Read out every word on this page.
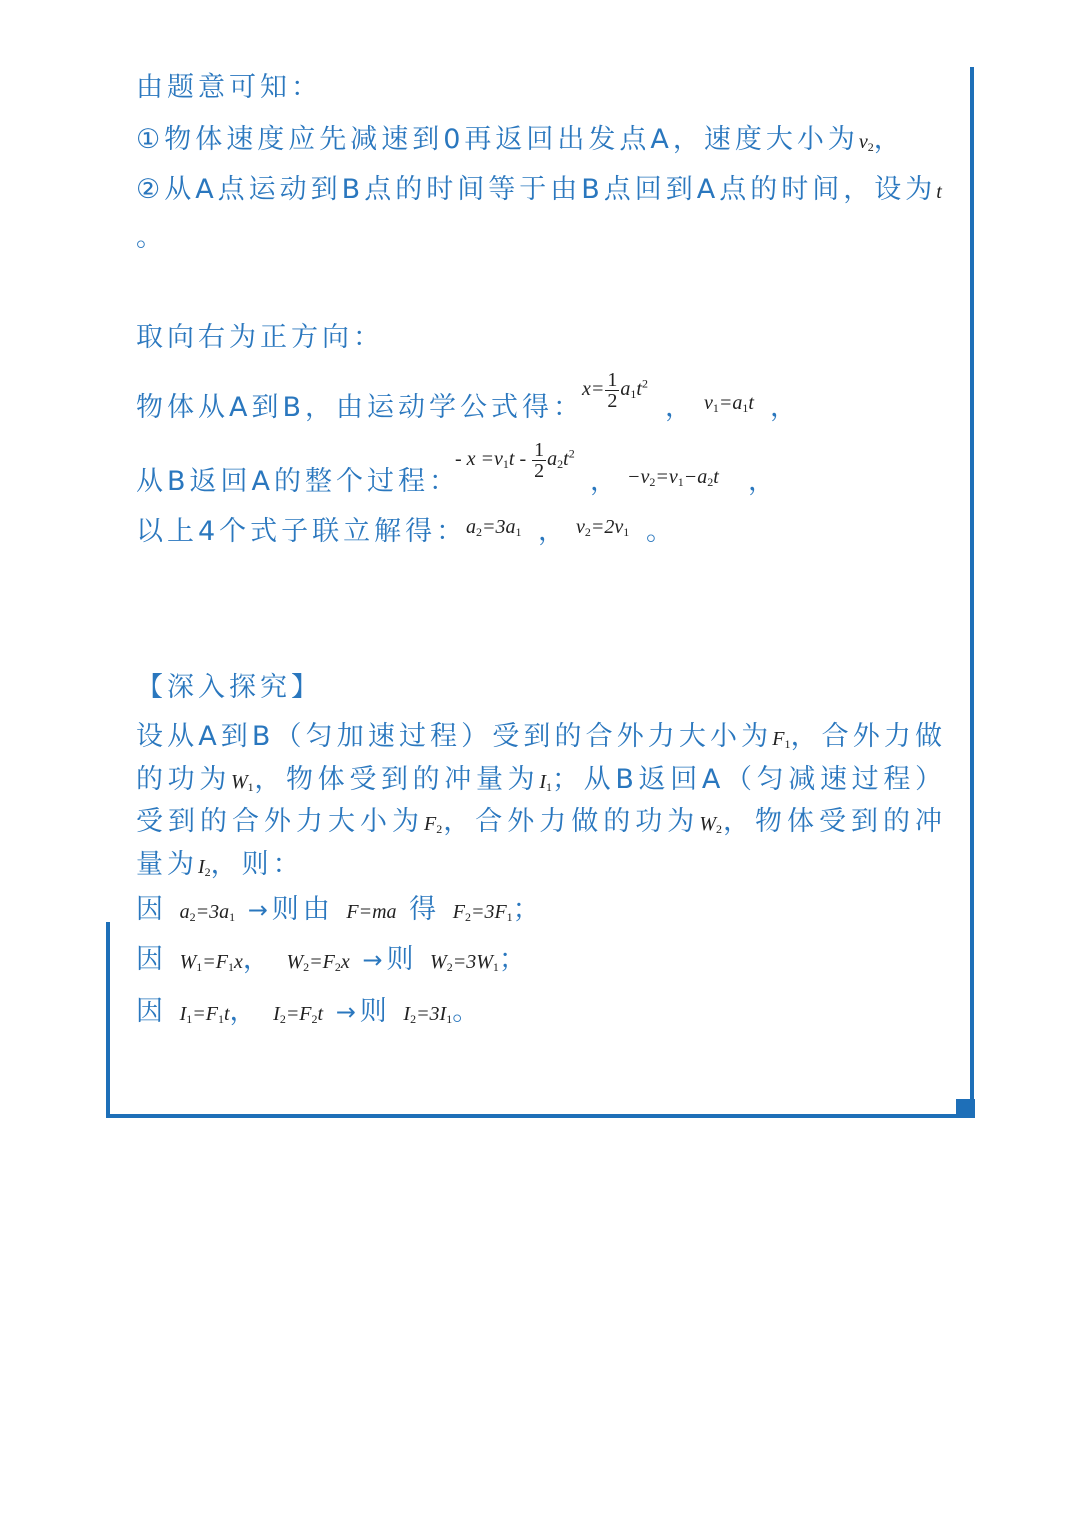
由题意可知：
①物体速度应先减速到0再返回出发点A，速度大小为$v_2$，
②从A点运动到B点的时间等于由B点回到A点的时间，设为t
。
取向右为正方向：
物体从A到B，由运动学公式得：
$x= \frac{1}{2} a_1t^2$
， $v_1=a_1t$ ，
从B返回A的整个过程：
- $x =v_1t - \frac{1}{2} a_2t^2$
， $-v_2=v_1-a_2t$ ，
以上4个式子联立解得：
$a_2=3a_1$ ， $v_2=2v_1$ 。
【深入探究】
设从A到B（匀加速过程）受到的合外力大小为$F_1$，合外力做的功为$W_1$，物体受到的冲量为$I_1$；从B返回A（匀减速过程）受到的合外力大小为$F_2$，合外力做的功为$W_2$，物体受到的冲量为$I_2$，则：
因 $a_2=3a_1$ →则由 F=ma 得 $F_2=3F_1$；
因 $W_1=F_1x$， $W_2=F_2x$ →则 $W_2=3W_1$；
因 $I_1=F_1t$， $I_2=F_2t$ →则 $I_2=3I_1$。
